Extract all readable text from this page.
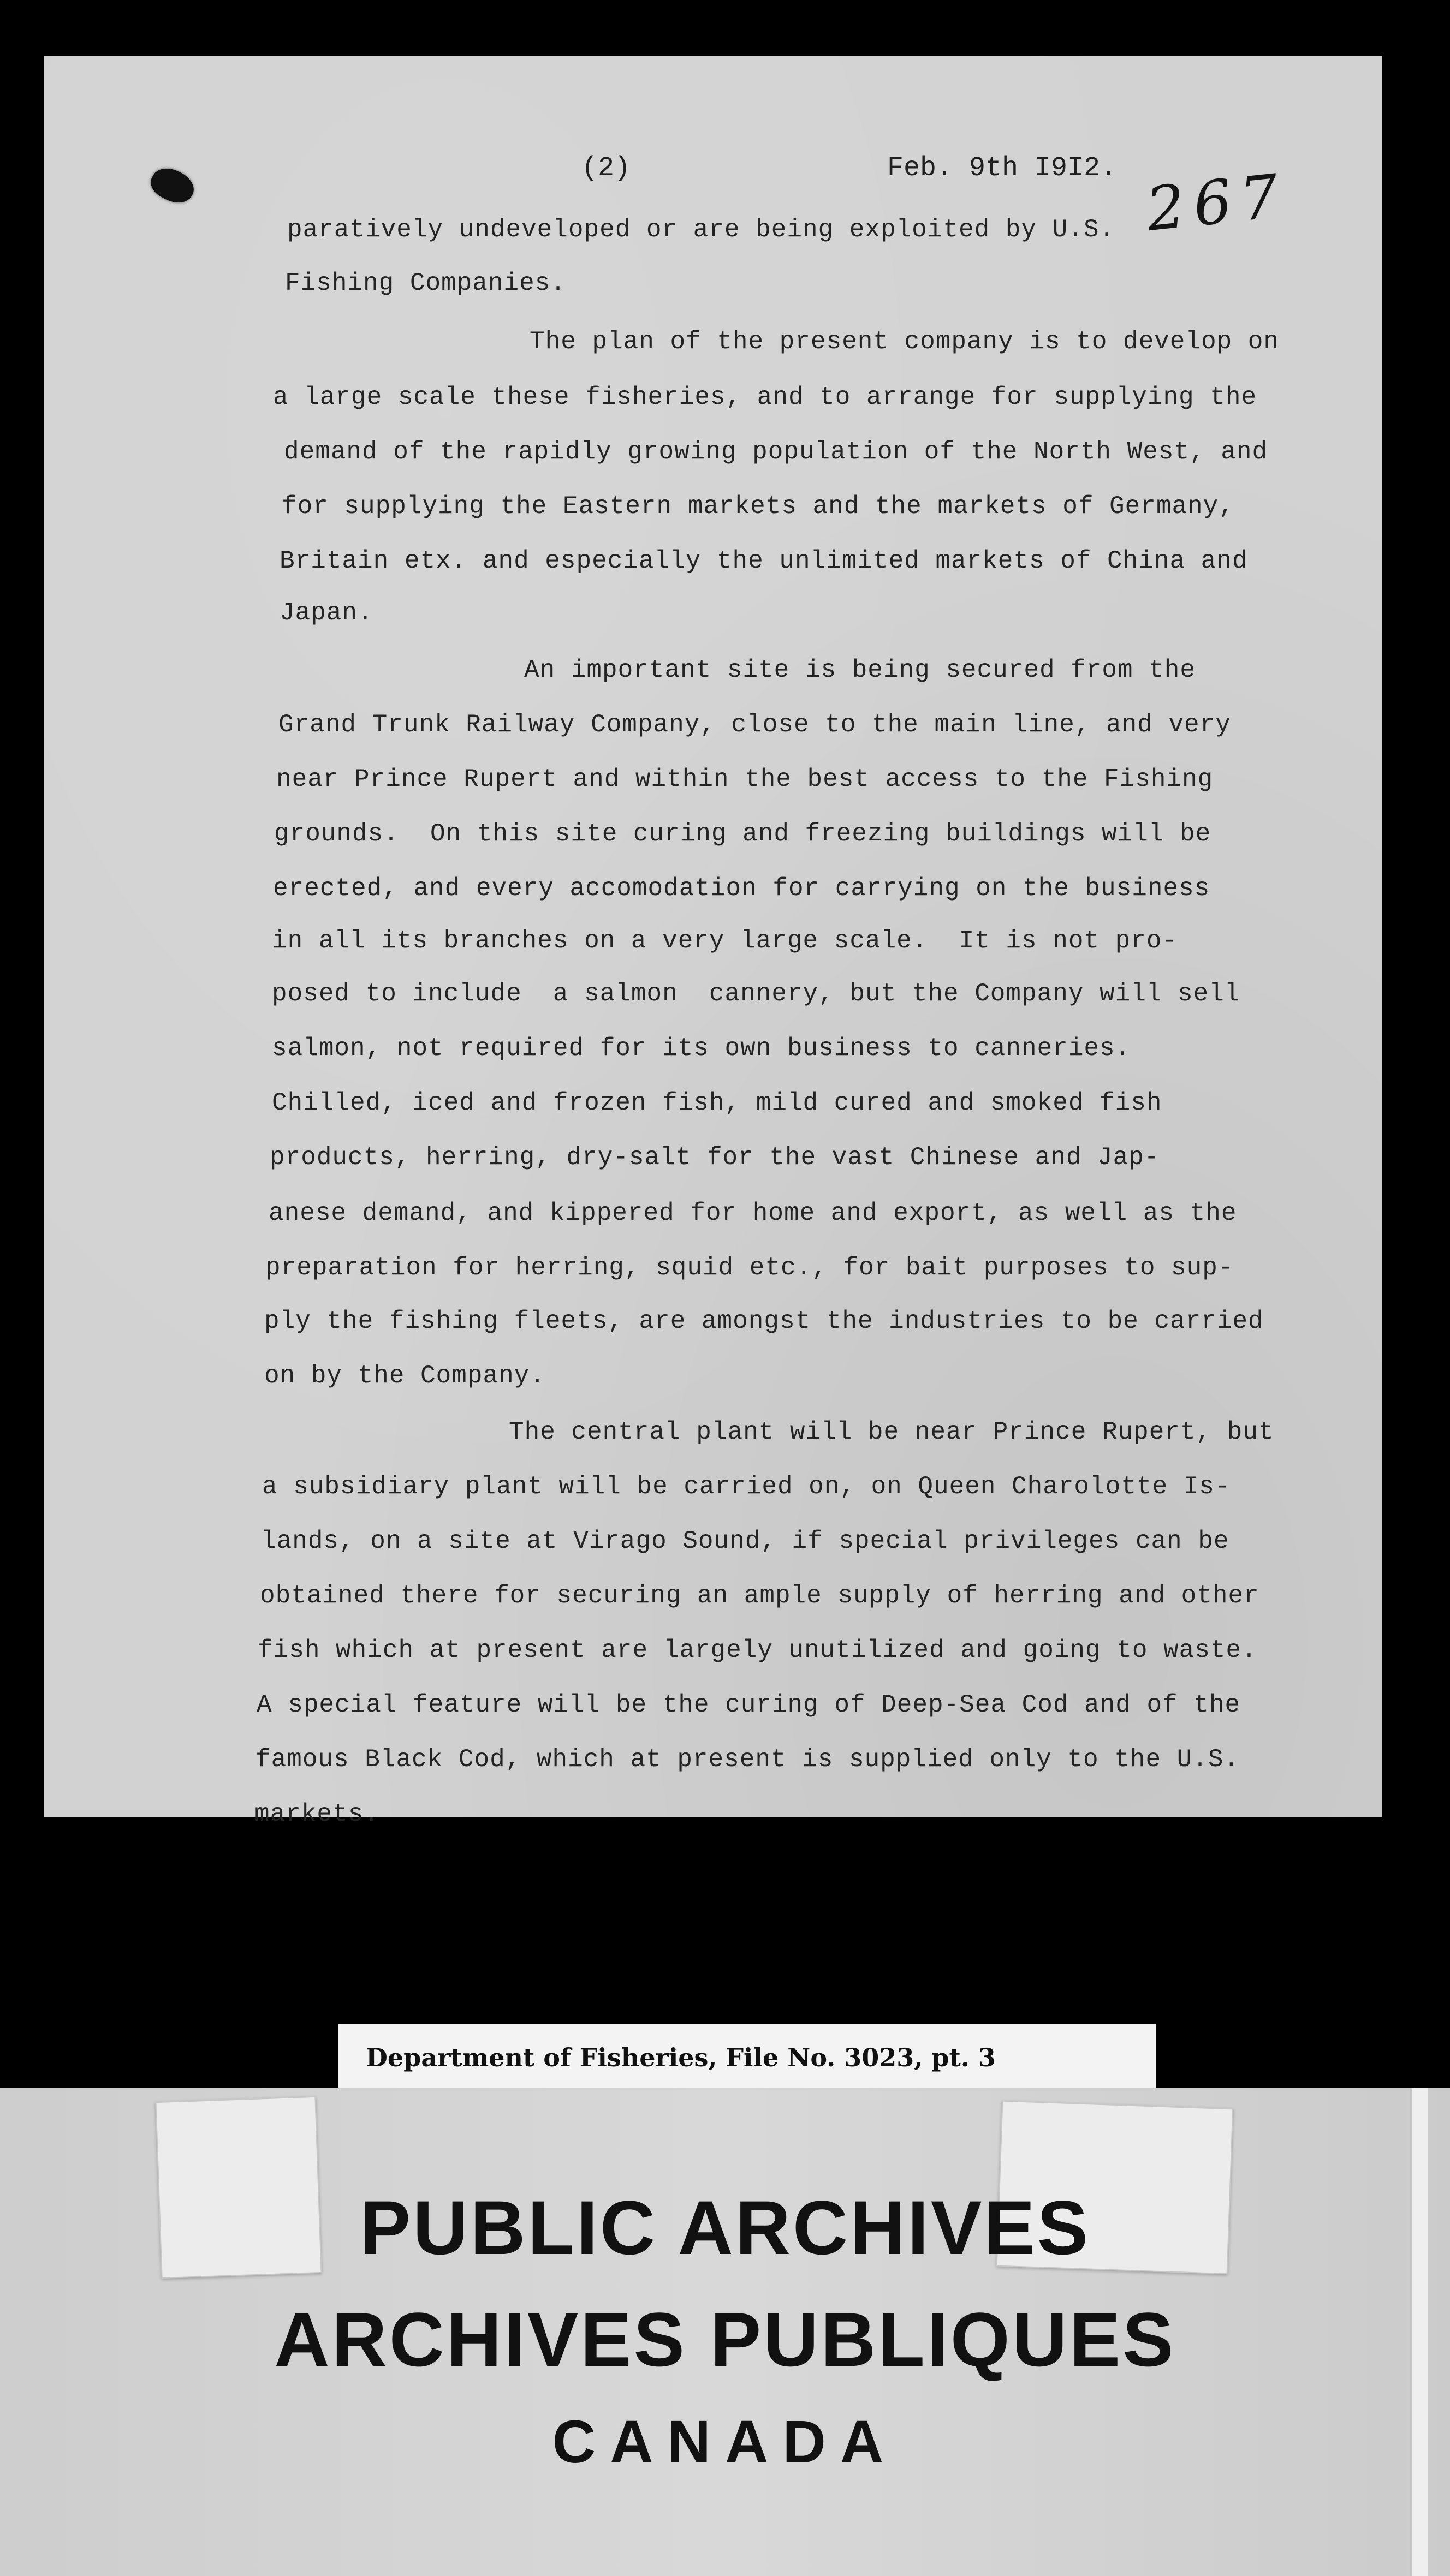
(2)	Feb. 9th I9I2. 267
paratively undeveloped or are being exploited by U.S.
Fishing Companies.
The plan of the present company is to develop on
a large scale these fisheries, and to arrange for supplying the
demand of the rapidly growing population of the North West, and
for supplying the Eastern markets and the markets of Germany,
Britain etx. and especially the unlimited markets of China and
Japan.
An important site is being secured from the
Grand Trunk Railway Company, close to the main line, and very
near Prince Rupert and within the best access to the Fishing
grounds.  On this site curing and freezing buildings will be
erected, and every accomodation for carrying on the business
in all its branches on a very large scale.  It is not pro-
posed to include  a salmon  cannery, but the Company will sell
salmon, not required for its own business to canneries.
Chilled, iced and frozen fish, mild cured and smoked fish
products, herring, dry-salt for the vast Chinese and Jap-
anese demand, and kippered for home and export, as well as the
preparation for herring, squid etc., for bait purposes to sup-
ply the fishing fleets, are amongst the industries to be carried
on by the Company.
The central plant will be near Prince Rupert, but
a subsidiary plant will be carried on, on Queen Charolotte Is-
lands, on a site at Virago Sound, if special privileges can be
obtained there for securing an ample supply of herring and other
fish which at present are largely unutilized and going to waste.
A special feature will be the curing of Deep-Sea Cod and of the
famous Black Cod, which at present is supplied only to the U.S.
markets.
Department of Fisheries, File No. 3023, pt. 3
PUBLIC ARCHIVES
ARCHIVES PUBLIQUES
CANADA
